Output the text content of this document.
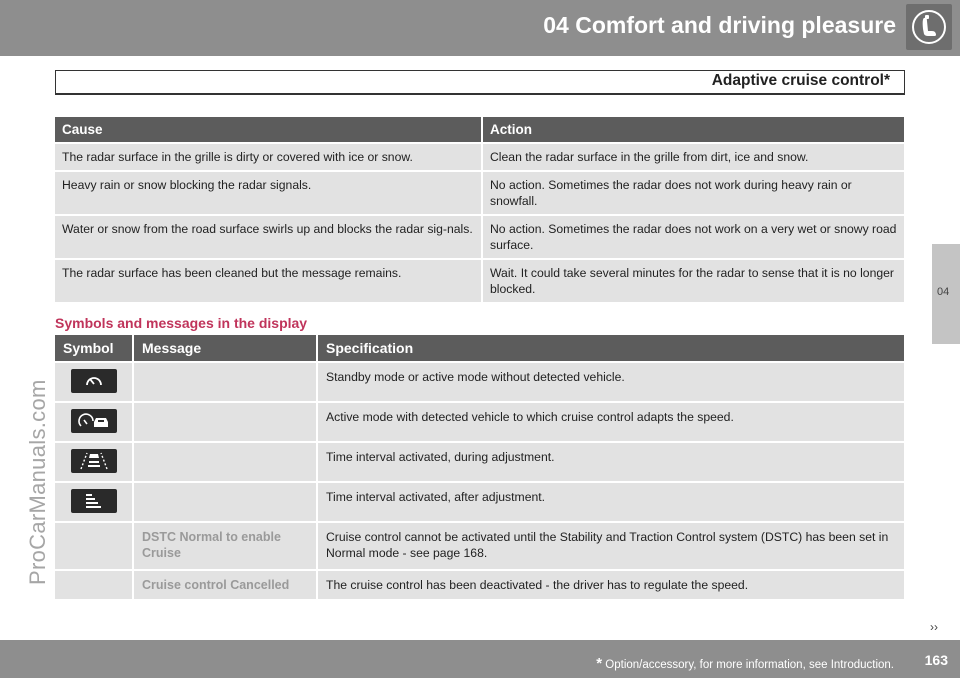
04 Comfort and driving pleasure
Adaptive cruise control*
04
ProCarManuals.com
Cause	Action
The radar surface in the grille is dirty or covered with ice or snow.	Clean the radar surface in the grille from dirt, ice and snow.
Heavy rain or snow blocking the radar signals.	No action. Sometimes the radar does not work during heavy rain or snowfall.
Water or snow from the road surface swirls up and blocks the radar sig-nals.	No action. Sometimes the radar does not work on a very wet or snowy road surface.
The radar surface has been cleaned but the message remains.	Wait. It could take several minutes for the radar to sense that it is no longer blocked.
Symbols and messages in the display
Symbol	Message	Specification

		Standby mode or active mode without detected vehicle.

		Active mode with detected vehicle to which cruise control adapts the speed.

		Time interval activated, during adjustment.

		Time interval activated, after adjustment.
	DSTC Normal to enable Cruise	Cruise control cannot be activated until the Stability and Traction Control system (DSTC) has been set in Normal mode - see page 168.
	Cruise control Cancelled	The cruise control has been deactivated - the driver has to regulate the speed.
››
* Option/accessory, for more information, see Introduction. 163
